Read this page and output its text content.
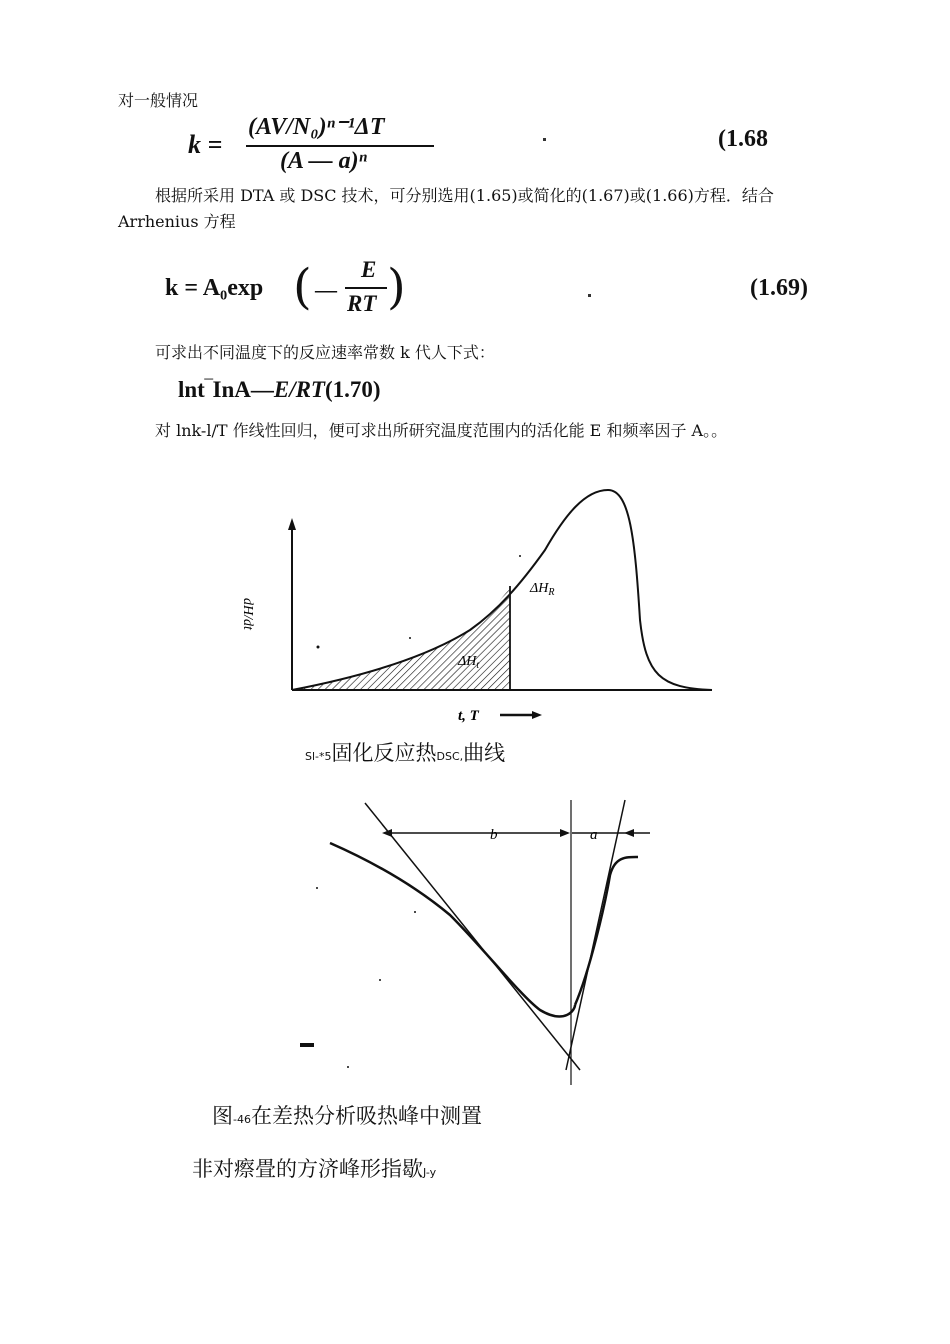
对一般情况
k =
(AV/N₀)ⁿ⁻¹ΔT
(A — a)ⁿ
(1.68
根据所采用 DTA 或 DSC 技术，可分别选用(1.65)或简化的(1.67)或(1.66)方程．结合
Arrhenius 方程
k = A₀exp ( —
E
RT )	(1.69)
可求出不同温度下的反应速率常数 k 代人下式：
lnt‾InA—E/RT(1.70)
对 lnk-l/T 作线性回归，便可求出所研究温度范围内的活化能 E 和频率因子 A。。
dH/dt
$\Delta H_t$
$\Delta H_R$
t, T
Sl-*5固化反应热DSC,曲线
b	a
图-46在差热分析吸热峰中测置
非对瘵畳的方济峰形指歇J-y
